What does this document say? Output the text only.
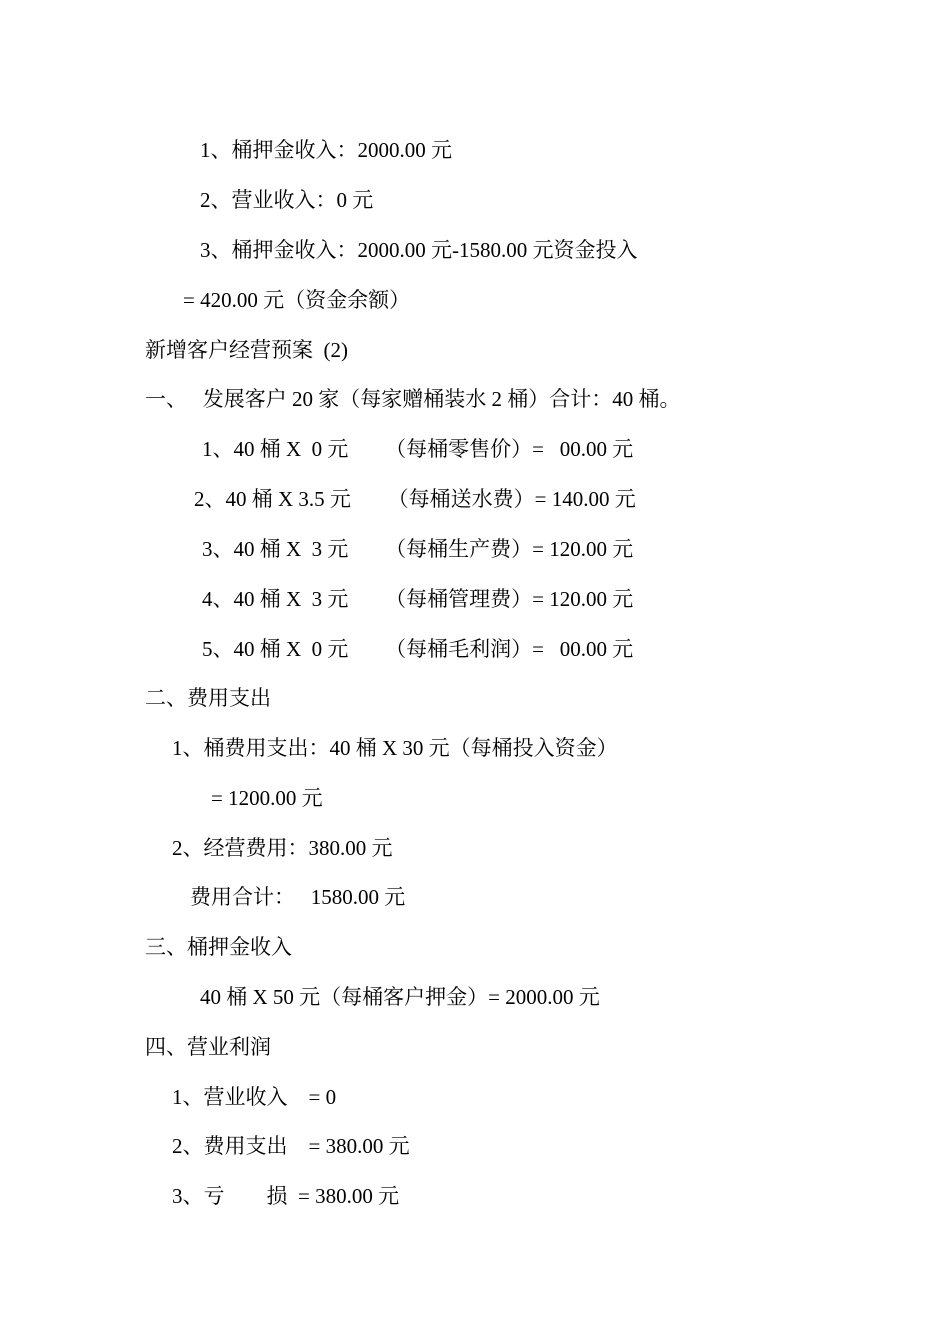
1、桶押金收入：2000.00 元
2、营业收入：0 元
3、桶押金收入：2000.00 元-1580.00 元资金投入
= 420.00 元（资金余额）
新增客户经营预案  (2)
一、   发展客户 20 家（每家赠桶装水 2 桶）合计：40 桶。
1、40 桶 X  0 元       （每桶零售价）=   00.00 元
2、40 桶 X 3.5 元       （每桶送水费）= 140.00 元
3、40 桶 X  3 元       （每桶生产费）= 120.00 元
4、40 桶 X  3 元       （每桶管理费）= 120.00 元
5、40 桶 X  0 元       （每桶毛利润）=   00.00 元
二、费用支出
1、桶费用支出：40 桶 X 30 元（每桶投入资金）
= 1200.00 元
2、经营费用：380.00 元
费用合计：   1580.00 元
三、桶押金收入
40 桶 X 50 元（每桶客户押金）= 2000.00 元
四、营业利润
1、营业收入    = 0
2、费用支出    = 380.00 元
3、亏        损  = 380.00 元
